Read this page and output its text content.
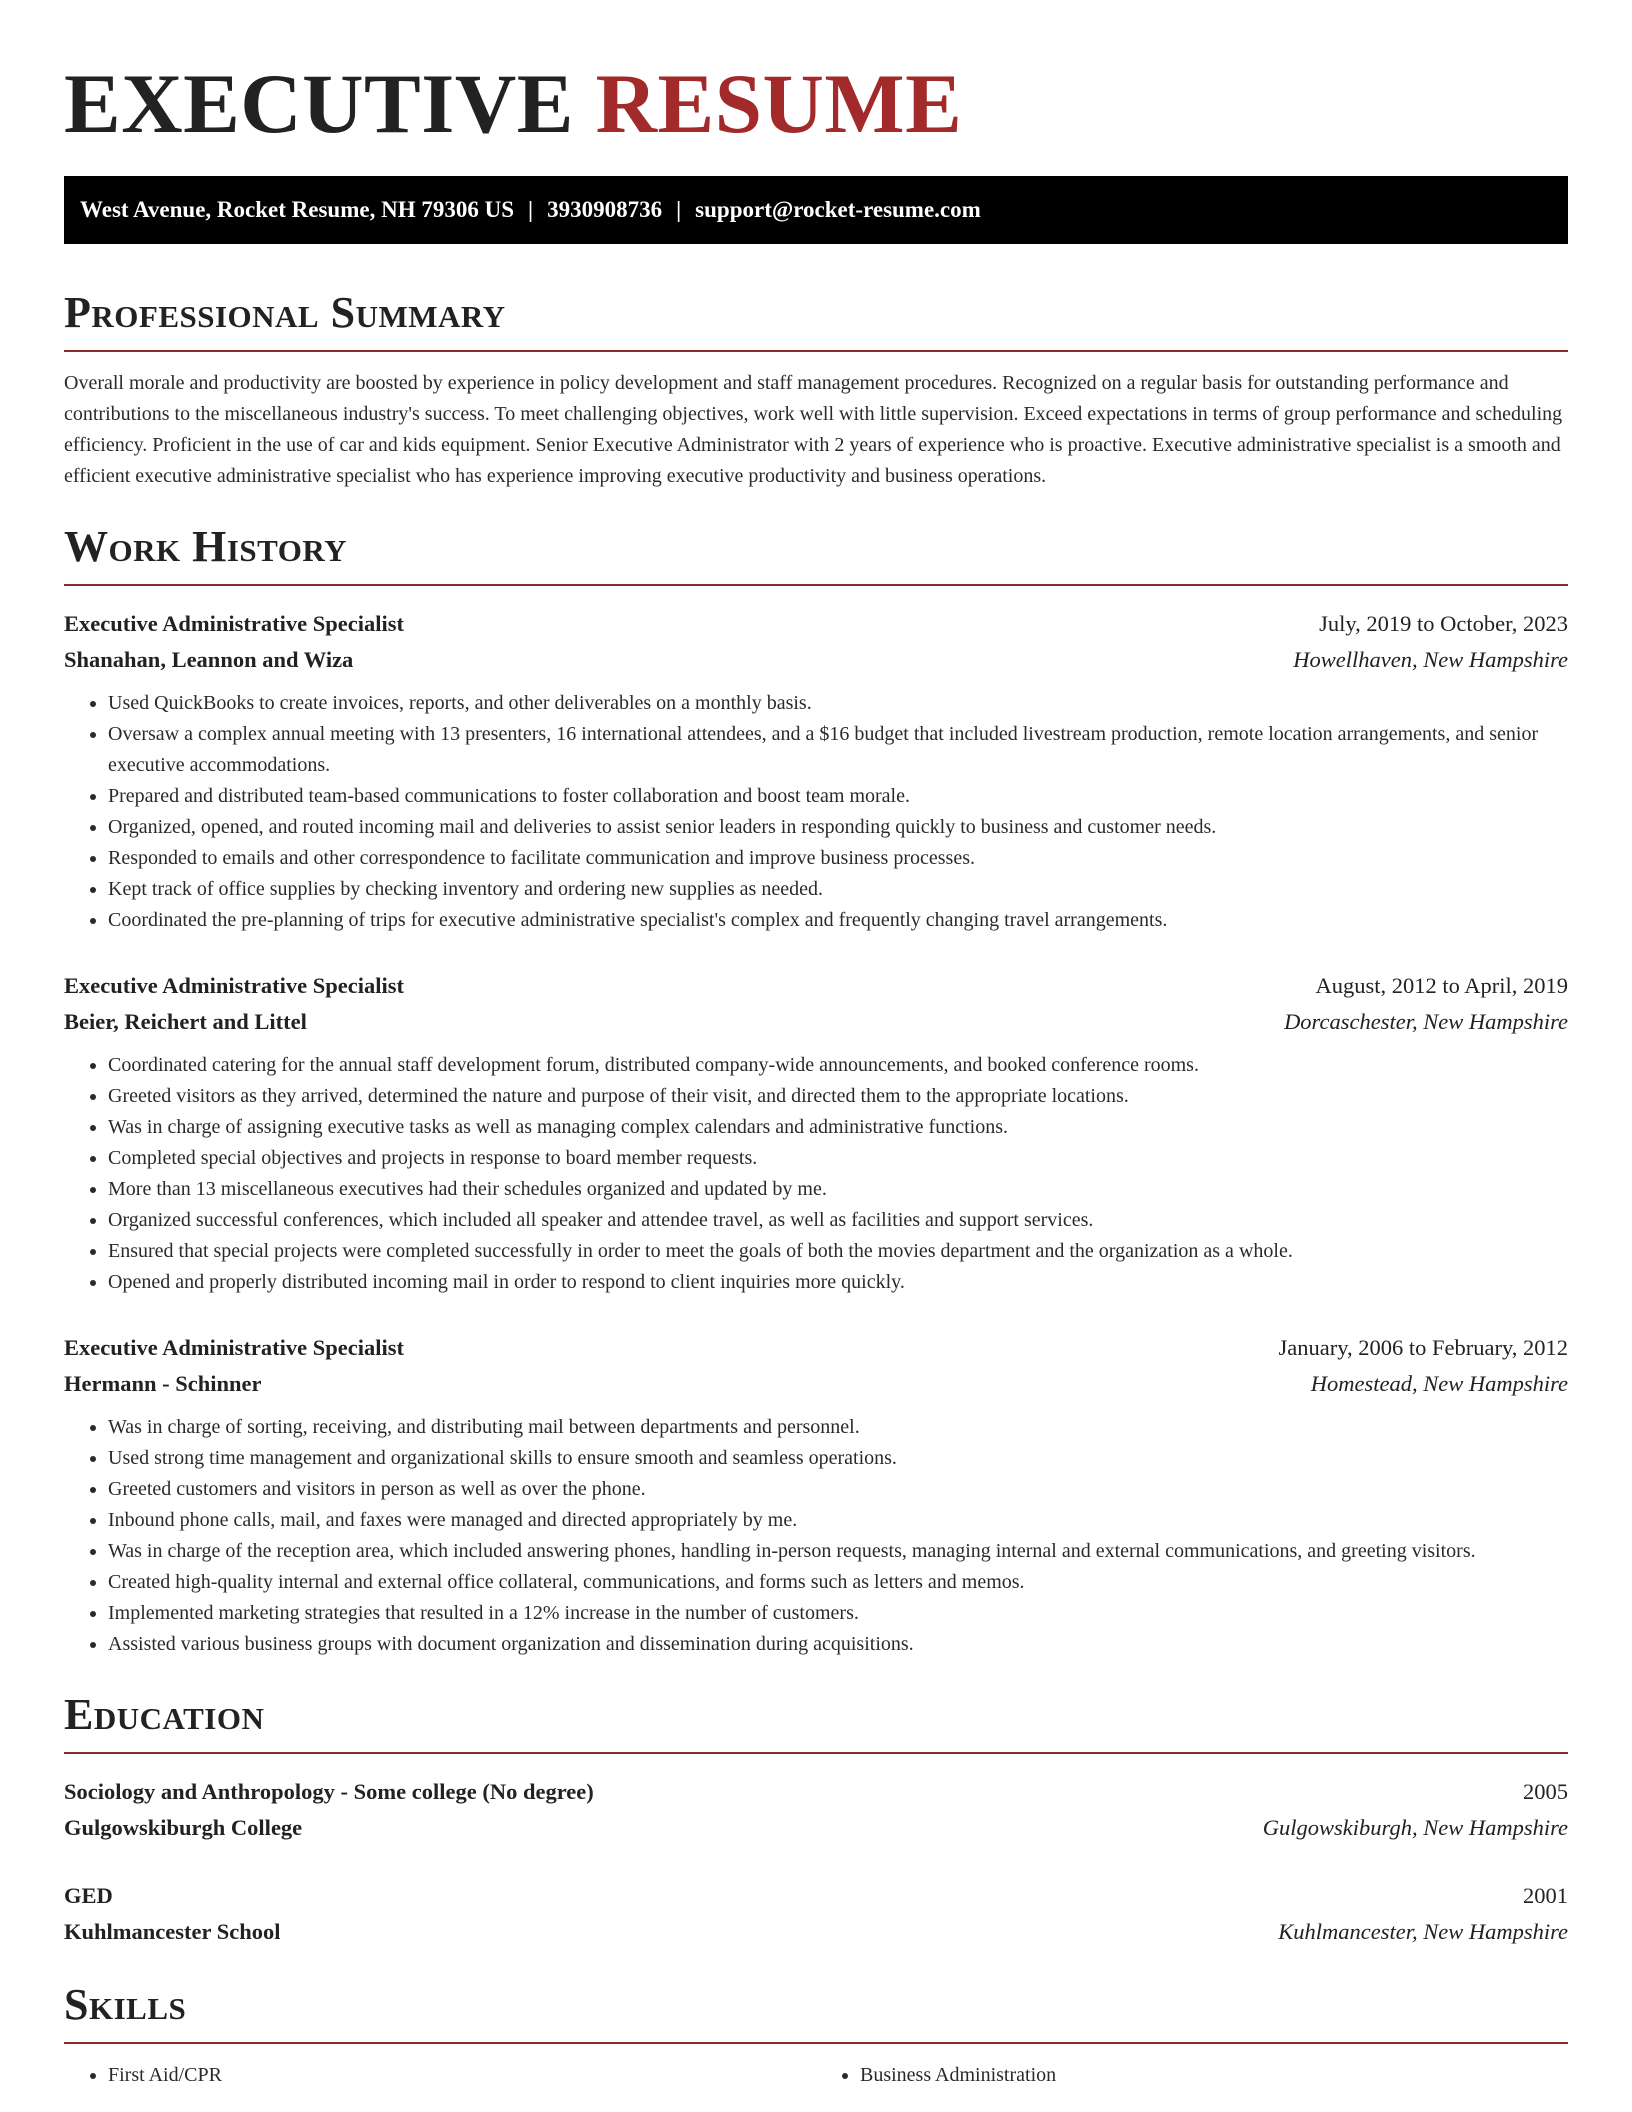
EXECUTIVE RESUME
West Avenue, Rocket Resume, NH 79306 US | 3930908736 | support@rocket-resume.com
Professional Summary

Overall morale and productivity are boosted by experience in policy development and staff management procedures. Recognized on a regular basis for outstanding performance and contributions to the miscellaneous industry's success. To meet challenging objectives, work well with little supervision. Exceed expectations in terms of group performance and scheduling efficiency. Proficient in the use of car and kids equipment. Senior Executive Administrator with 2 years of experience who is proactive. Executive administrative specialist is a smooth and efficient executive administrative specialist who has experience improving executive productivity and business operations.

Work History
Executive Administrative Specialist	July, 2019 to October, 2023
Shanahan, Leannon and Wiza	Howellhaven, New Hampshire
• Used QuickBooks to create invoices, reports, and other deliverables on a monthly basis.
• Oversaw a complex annual meeting with 13 presenters, 16 international attendees, and a $16 budget that included livestream production, remote location arrangements, and senior executive accommodations.
• Prepared and distributed team-based communications to foster collaboration and boost team morale.
• Organized, opened, and routed incoming mail and deliveries to assist senior leaders in responding quickly to business and customer needs.
• Responded to emails and other correspondence to facilitate communication and improve business processes.
• Kept track of office supplies by checking inventory and ordering new supplies as needed.
• Coordinated the pre-planning of trips for executive administrative specialist's complex and frequently changing travel arrangements.
Executive Administrative Specialist	August, 2012 to April, 2019
Beier, Reichert and Littel	Dorcaschester, New Hampshire
• Coordinated catering for the annual staff development forum, distributed company-wide announcements, and booked conference rooms.
• Greeted visitors as they arrived, determined the nature and purpose of their visit, and directed them to the appropriate locations.
• Was in charge of assigning executive tasks as well as managing complex calendars and administrative functions.
• Completed special objectives and projects in response to board member requests.
• More than 13 miscellaneous executives had their schedules organized and updated by me.
• Organized successful conferences, which included all speaker and attendee travel, as well as facilities and support services.
• Ensured that special projects were completed successfully in order to meet the goals of both the movies department and the organization as a whole.
• Opened and properly distributed incoming mail in order to respond to client inquiries more quickly.
Executive Administrative Specialist	January, 2006 to February, 2012
Hermann - Schinner	Homestead, New Hampshire
• Was in charge of sorting, receiving, and distributing mail between departments and personnel.
• Used strong time management and organizational skills to ensure smooth and seamless operations.
• Greeted customers and visitors in person as well as over the phone.
• Inbound phone calls, mail, and faxes were managed and directed appropriately by me.
• Was in charge of the reception area, which included answering phones, handling in-person requests, managing internal and external communications, and greeting visitors.
• Created high-quality internal and external office collateral, communications, and forms such as letters and memos.
• Implemented marketing strategies that resulted in a 12% increase in the number of customers.
• Assisted various business groups with document organization and dissemination during acquisitions.
Education
Sociology and Anthropology - Some college (No degree)	2005
Gulgowskiburgh College	Gulgowskiburgh, New Hampshire
GED	2001
Kuhlmancester School	Kuhlmancester, New Hampshire
Skills
• First Aid/CPR
•	Business Administration
